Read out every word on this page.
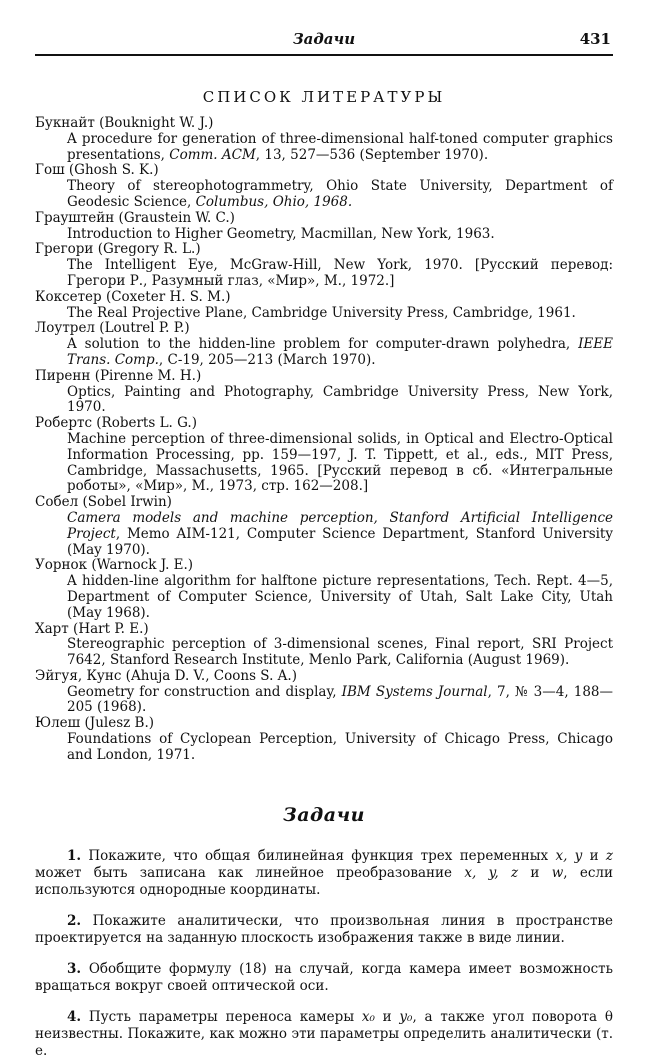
Задачи	431
СПИСОК ЛИТЕРАТУРЫ
Букнайт (Bouknight W. J.)
A procedure for generation of three-dimensional half-toned computer graphics presentations, Comm. ACM, 13, 527—536 (September 1970).
Гош (Ghosh S. K.)
Theory of stereophotogrammetry, Ohio State University, Department of Geodesic Science, Columbus, Ohio, 1968.
Граyштейн (Graustein W. C.)
Introduction to Higher Geometry, Macmillan, New York, 1963.
Грегори (Gregory R. L.)
The Intelligent Eye, McGraw-Hill, New York, 1970. [Русский перевод: Грегори Р., Разумный глаз, «Мир», М., 1972.]
Коксетер (Coxeter H. S. M.)
The Real Projective Plane, Cambridge University Press, Cambridge, 1961.
Лоутрел (Loutrel P. P.)
A solution to the hidden-line problem for computer-drawn polyhedra, IEEE Trans. Comp., C-19, 205—213 (March 1970).
Пиренн (Pirenne M. H.)
Optics, Painting and Photography, Cambridge University Press, New York, 1970.
Робертс (Roberts L. G.)
Machine perception of three-dimensional solids, in Optical and Electro-Optical Information Processing, pp. 159—197, J. T. Tippett, et al., eds., MIT Press, Cambridge, Massachusetts, 1965. [Русский перевод в сб. «Интегральные роботы», «Мир», М., 1973, стр. 162—208.]
Собел (Sobel Irwin)
Camera models and machine perception, Stanford Artificial Intelligence Project, Memo AIM-121, Computer Science Department, Stanford University (May 1970).
Уорнок (Warnock J. E.)
A hidden-line algorithm for halftone picture representations, Tech. Rept. 4—5, Department of Computer Science, University of Utah, Salt Lake City, Utah (May 1968).
Харт (Hart P. E.)
Stereographic perception of 3-dimensional scenes, Final report, SRI Project 7642, Stanford Research Institute, Menlo Park, California (August 1969).
Эйгуя, Кунс (Ahuja D. V., Coons S. A.)
Geometry for construction and display, IBM Systems Journal, 7, № 3—4, 188—205 (1968).
Юлеш (Julesz B.)
Foundations of Cyclopean Perception, University of Chicago Press, Chicago and London, 1971.
Задачи

1. Покажите, что общая билинейная функция трех переменных x, y и z может быть записана как линейное преобразование x, y, z и w, если используются однородные координаты.

2. Покажите аналитически, что произвольная линия в пространстве проектируется на заданную плоскость изображения также в виде линии.

3. Обобщите формулу (18) на случай, когда камера имеет возможность вращаться вокруг своей оптической оси.

4. Пусть параметры переноса камеры x₀ и y₀, а также угол поворота θ неизвестны. Покажите, как можно эти параметры определить аналитически (т. е.
